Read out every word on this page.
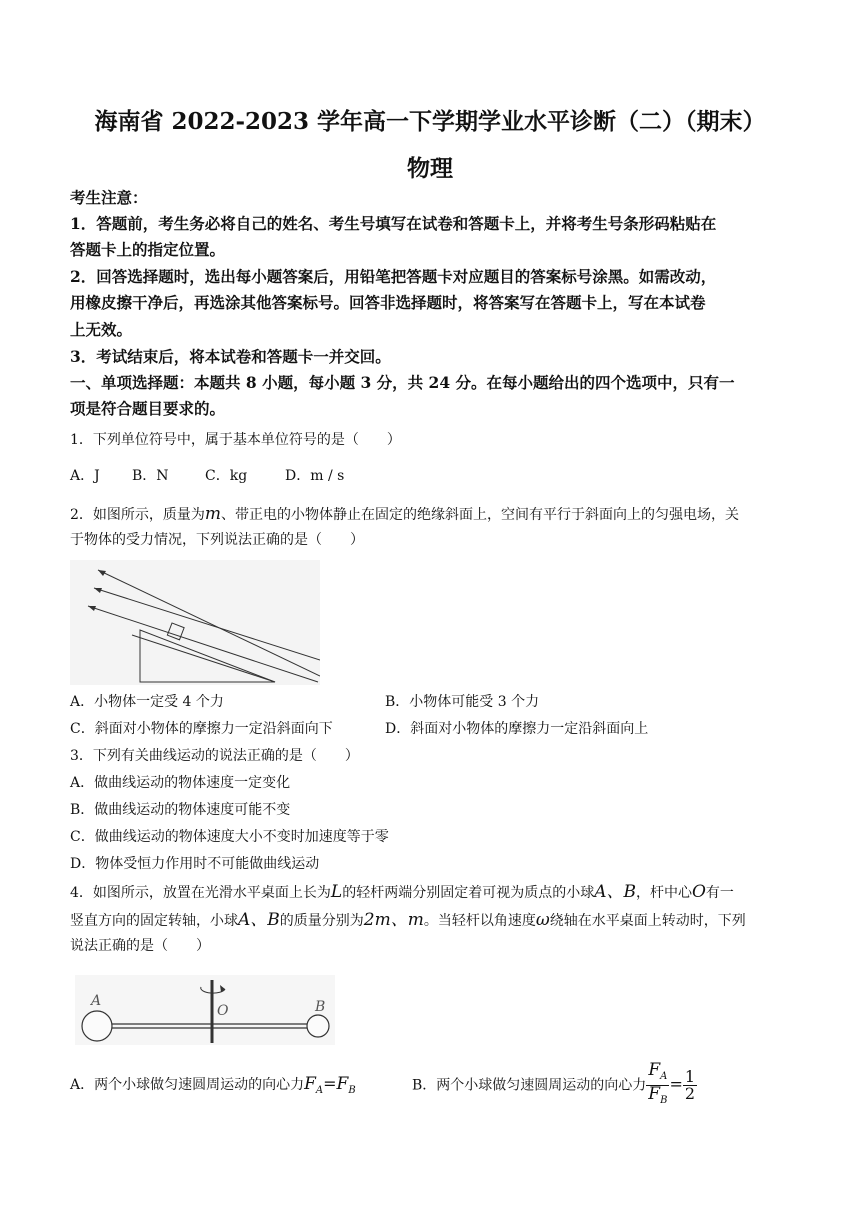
海南省 2022-2023 学年高一下学期学业水平诊断（二）（期末）
物理
考生注意：
1．答题前，考生务必将自己的姓名、考生号填写在试卷和答题卡上，并将考生号条形码粘贴在
答题卡上的指定位置。
2．回答选择题时，选出每小题答案后，用铅笔把答题卡对应题目的答案标号涂黑。如需改动，
用橡皮擦干净后，再选涂其他答案标号。回答非选择题时，将答案写在答题卡上，写在本试卷
上无效。
3．考试结束后，将本试卷和答题卡一并交回。
一、单项选择题：本题共 8 小题，每小题 3 分，共 24 分。在每小题给出的四个选项中，只有一
项是符合题目要求的。
1．下列单位符号中，属于基本单位符号的是（　　）
A．J B．N	C．kg	D．m / s
2．如图所示，质量为m、带正电的小物体静止在固定的绝缘斜面上，空间有平行于斜面向上的匀强电场，关
于物体的受力情况，下列说法正确的是（　　）
A．小物体一定受 4 个力	B．小物体可能受 3 个力
C．斜面对小物体的摩擦力一定沿斜面向下	D．斜面对小物体的摩擦力一定沿斜面向上
3．下列有关曲线运动的说法正确的是（　　）
A．做曲线运动的物体速度一定变化
B．做曲线运动的物体速度可能不变
C．做曲线运动的物体速度大小不变时加速度等于零
D．物体受恒力作用时不可能做曲线运动
4．如图所示，放置在光滑水平桌面上长为L的轻杆两端分别固定着可视为质点的小球A、B，杆中心O有一
竖直方向的固定转轴，小球A、B的质量分别为2m、m。当轻杆以角速度ω绕轴在水平桌面上转动时，下列
说法正确的是（　　）
A	B
O
A．两个小球做匀速圆周运动的向心力$F_A=F_B$	B．两个小球做匀速圆周运动的向心力 $\frac{F_A}{F_B} = \frac{1}{2}$
